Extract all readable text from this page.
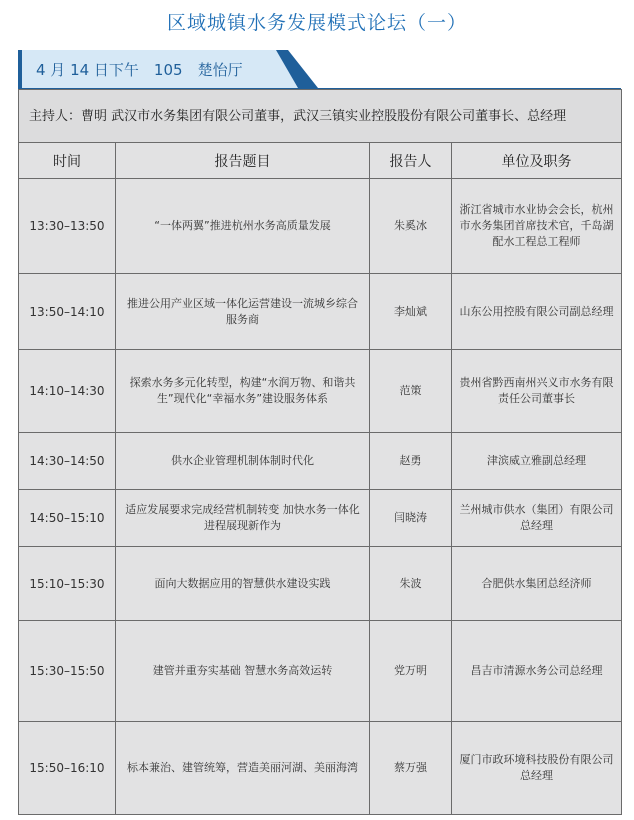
区域城镇水务发展模式论坛（一）
4 月 14 日下午　105　楚怡厅
主持人：曹明 武汉市水务集团有限公司董事，武汉三镇实业控股股份有限公司董事长、总经理			
时间	报告题目	报告人	单位及职务
13:30–13:50	“一体两翼”推进杭州水务高质量发展	朱奚冰	浙江省城市水业协会会长，杭州市水务集团首席技术官，千岛湖配水工程总工程师
13:50–14:10	推进公用产业区域一体化运营建设一流城乡综合服务商	李灿斌	山东公用控股有限公司副总经理
14:10–14:30	探索水务多元化转型，构建“水润万物、和谐共生”现代化“幸福水务”建设服务体系	范策	贵州省黔西南州兴义市水务有限责任公司董事长
14:30–14:50	供水企业管理机制体制时代化	赵勇	津滨威立雅副总经理
14:50–15:10	适应发展要求完成经营机制转变 加快水务一体化进程展现新作为	闫晓涛	兰州城市供水（集团）有限公司总经理
15:10–15:30	面向大数据应用的智慧供水建设实践	朱波	合肥供水集团总经济师
15:30–15:50	建管并重夯实基础 智慧水务高效运转	党万明	昌吉市清源水务公司总经理
15:50–16:10	标本兼治、建管统筹，营造美丽河湖、美丽海湾	蔡万强	厦门市政环境科技股份有限公司总经理
